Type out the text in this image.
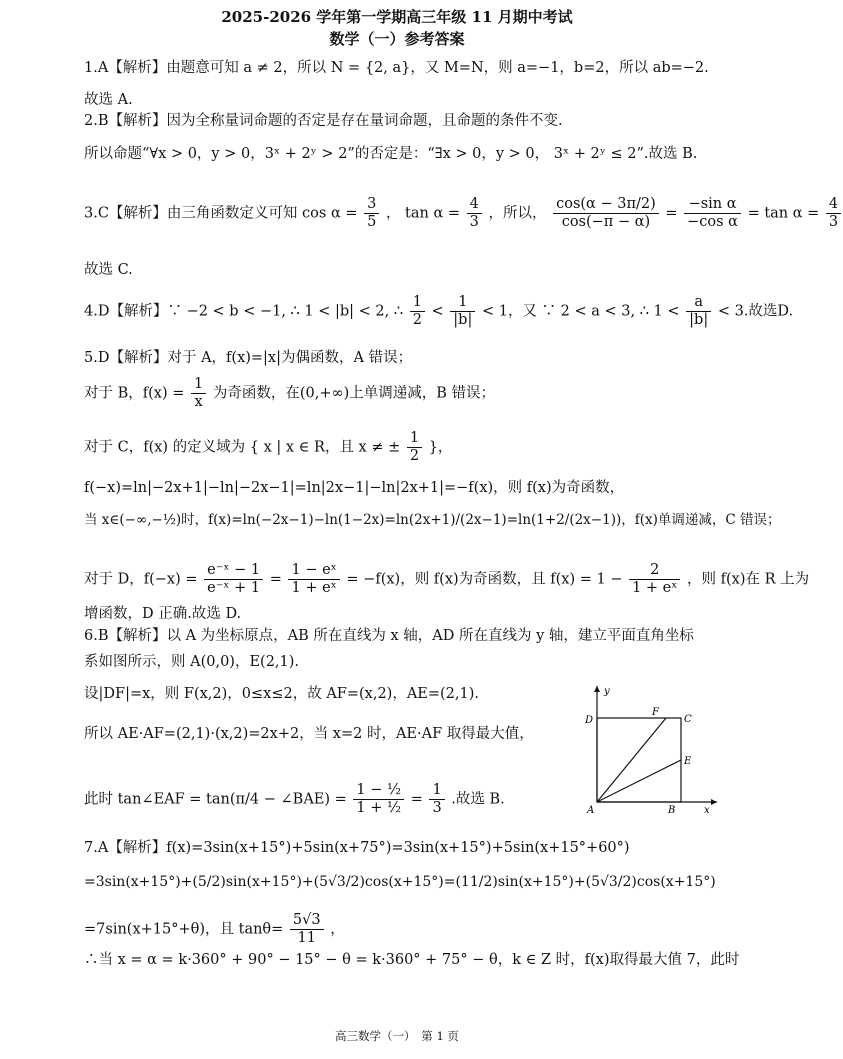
2025-2026 学年第一学期高三年级 11 月期中考试
数学（一）参考答案
1.A【解析】由题意可知 a ≠ 2，所以 N = {2, a}，又 M=N，则 a=−1，b=2，所以 ab=−2.
故选 A.
2.B【解析】因为全称量词命题的否定是存在量词命题，且命题的条件不变.
所以命题“∀x > 0，y > 0，3ˣ + 2ʸ > 2”的否定是：“∃x > 0，y > 0， 3ˣ + 2ʸ ≤ 2”.故选 B.
3.C【解析】由三角函数定义可知 $\cos \alpha = \frac{3}{5}$ ， $\tan \alpha = \frac{4}{3}$ ，所以， $\frac{\cos(\alpha - 3\pi/2)}{\cos(-\pi - \alpha)} = \frac{\text{−sin α}}{\text{−cos α}} = \tan \alpha = \frac{4}{3}$
故选 C.
4.D【解析】∵ −2 < b < −1, ∴ 1 < |b| < 2, ∴ $\frac{1}{2} < \frac{1}{|b|} < 1$，又 ∵ 2 < a < 3, ∴ $1 < \frac{a}{|b|} < 3$.故选D.
5.D【解析】对于 A，f(x)=|x|为偶函数，A 错误；
对于 B，$f(x) = \frac{1}{x}$ 为奇函数，在(0,+∞)上单调递减，B 错误；
对于 C，f(x) 的定义域为 { x | x ∈ R，且 x ≠ ± $\frac{1}{2}$ }，
f(−x)=ln|−2x+1|−ln|−2x−1|=ln|2x−1|−ln|2x+1|=−f(x)，则 f(x)为奇函数，
当 x∈(−∞,−½)时，f(x)=ln(−2x−1)−ln(1−2x)=ln(2x+1)/(2x−1)=ln(1+2/(2x−1))，f(x)单调递减，C 错误；
对于 D，$f(-x) = \frac{\text{e⁻ˣ − 1}}{\text{e⁻ˣ + 1}} = \frac{\text{1 − eˣ}}{\text{1 + eˣ}} = -f(x)$，则 f(x)为奇函数，且 $f(x) = 1 - \frac{2}{\text{1 + eˣ}}$ ，则 f(x)在 R 上为
增函数，D 正确.故选 D.
6.B【解析】以 A 为坐标原点，AB 所在直线为 x 轴，AD 所在直线为 y 轴，建立平面直角坐标
系如图所示，则 A(0,0)，E(2,1).
设|DF|=x，则 F(x,2)，0≤x≤2，故 AF=(x,2)，AE=(2,1).
所以 AE·AF=(2,1)·(x,2)=2x+2，当 x=2 时，AE·AF 取得最大值，
此时 tan∠EAF = tan(π/4 − ∠BAE) = $\frac{\text{1 − ½}}{\text{1 + ½}} = \frac{1}{3}$ .故选 B.
y
D
F
C
E
A	B	x
7.A【解析】f(x)=3sin(x+15°)+5sin(x+75°)=3sin(x+15°)+5sin(x+15°+60°)
=3sin(x+15°)+(5/2)sin(x+15°)+(5√3/2)cos(x+15°)=(11/2)sin(x+15°)+(5√3/2)cos(x+15°)
=7sin(x+15°+θ)，且 $\tan\theta= \frac{5√3}{11}$ ，
∴当 x = α = k·360° + 90° − 15° − θ = k·360° + 75° − θ，k ∈ Z 时，f(x)取得最大值 7，此时
高三数学（一）　第 1 页
